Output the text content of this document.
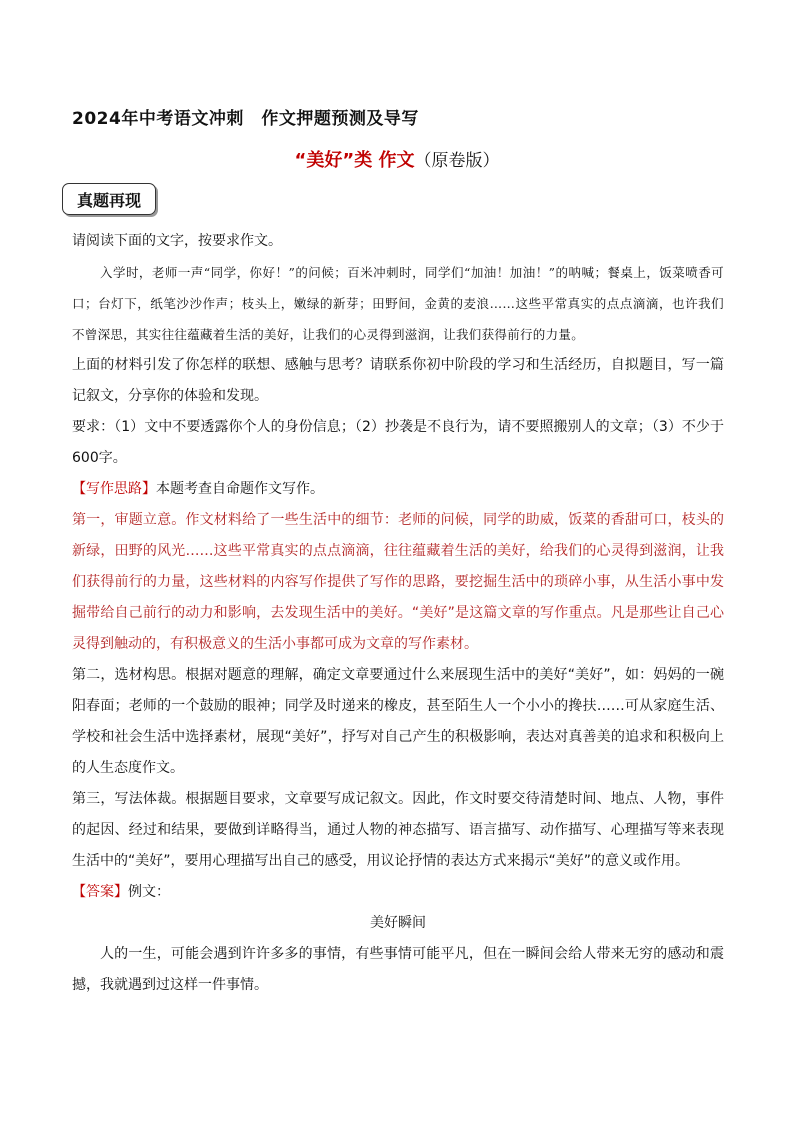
2024年中考语文冲刺　作文押题预测及导写
“美好”类 作文（原卷版）
真题再现

请阅读下面的文字，按要求作文。

入学时，老师一声“同学，你好！”的问候；百米冲刺时，同学们“加油！加油！”的呐喊；餐桌上，饭菜喷香可口；台灯下，纸笔沙沙作声；枝头上，嫩绿的新芽；田野间，金黄的麦浪……这些平常真实的点点滴滴，也许我们不曾深思，其实往往蕴藏着生活的美好，让我们的心灵得到滋润，让我们获得前行的力量。

上面的材料引发了你怎样的联想、感触与思考？请联系你初中阶段的学习和生活经历，自拟题目，写一篇记叙文，分享你的体验和发现。

要求：（1）文中不要透露你个人的身份信息；（2）抄袭是不良行为，请不要照搬别人的文章；（3）不少于600字。

【写作思路】本题考查自命题作文写作。

第一，审题立意。作文材料给了一些生活中的细节：老师的问候，同学的助威，饭菜的香甜可口，枝头的新绿，田野的风光……这些平常真实的点点滴滴，往往蕴藏着生活的美好，给我们的心灵得到滋润，让我们获得前行的力量，这些材料的内容写作提供了写作的思路，要挖掘生活中的琐碎小事，从生活小事中发掘带给自己前行的动力和影响，去发现生活中的美好。“美好”是这篇文章的写作重点。凡是那些让自己心灵得到触动的，有积极意义的生活小事都可成为文章的写作素材。

第二，选材构思。根据对题意的理解，确定文章要通过什么来展现生活中的美好“美好”，如：妈妈的一碗阳春面；老师的一个鼓励的眼神；同学及时递来的橡皮，甚至陌生人一个小小的搀扶……可从家庭生活、学校和社会生活中选择素材，展现“美好”，抒写对自己产生的积极影响，表达对真善美的追求和积极向上的人生态度作文。

第三，写法体裁。根据题目要求，文章要写成记叙文。因此，作文时要交待清楚时间、地点、人物，事件的起因、经过和结果，要做到详略得当，通过人物的神态描写、语言描写、动作描写、心理描写等来表现生活中的“美好”，要用心理描写出自己的感受，用议论抒情的表达方式来揭示“美好”的意义或作用。

【答案】例文：

美好瞬间

人的一生，可能会遇到许许多多的事情，有些事情可能平凡，但在一瞬间会给人带来无穷的感动和震撼，我就遇到过这样一件事情。
